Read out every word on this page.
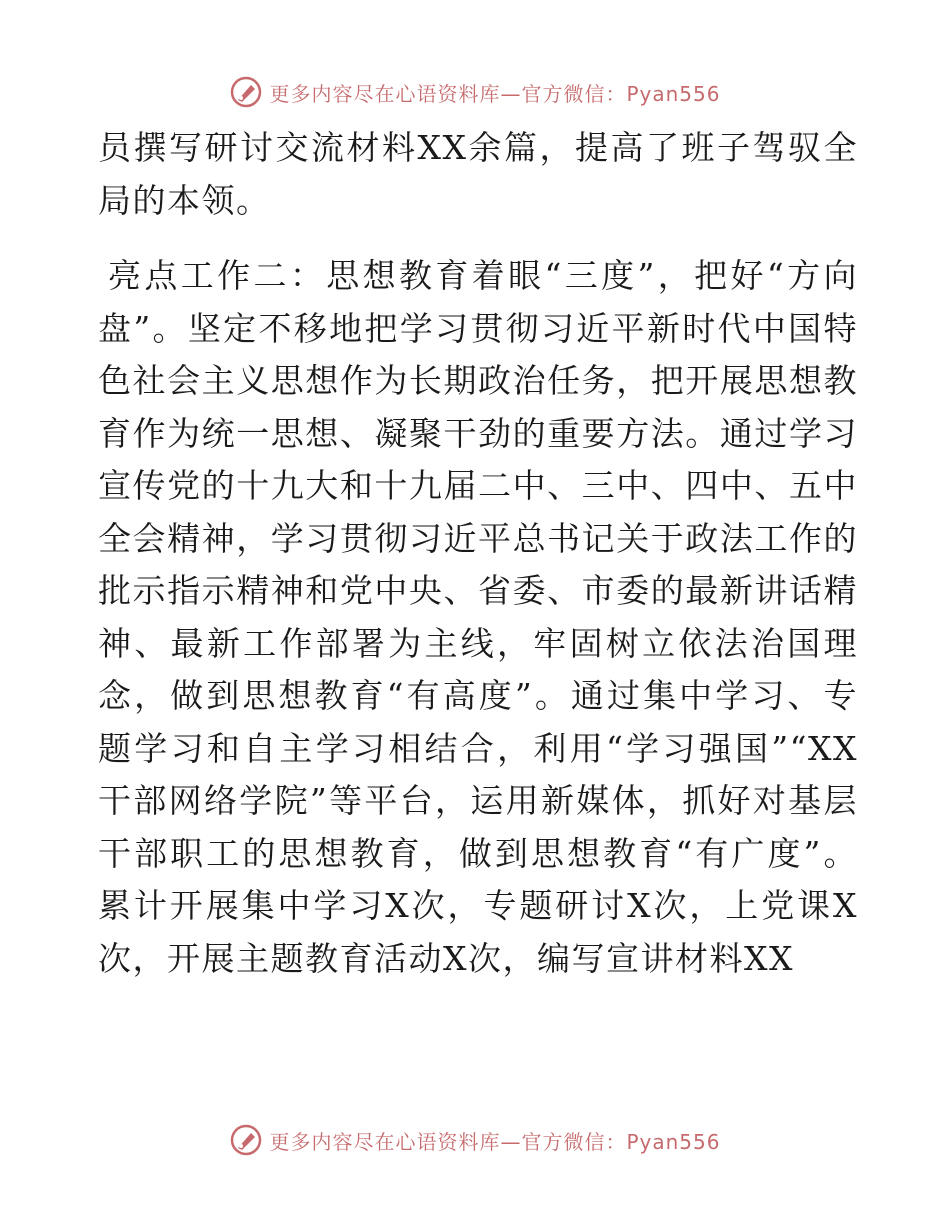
更多内容尽在心语资料库—官方微信：Pyan556

员撰写研讨交流材料XX余篇，提高了班子驾驭全局的本领。

亮点工作二：思想教育着眼“三度”，把好“方向盘”。坚定不移地把学习贯彻习近平新时代中国特色社会主义思想作为长期政治任务，把开展思想教育作为统一思想、凝聚干劲的重要方法。通过学习宣传党的十九大和十九届二中、三中、四中、五中全会精神，学习贯彻习近平总书记关于政法工作的批示指示精神和党中央、省委、市委的最新讲话精神、最新工作部署为主线，牢固树立依法治国理念，做到思想教育“有高度”。通过集中学习、专题学习和自主学习相结合，利用“学习强国”“XX干部网络学院”等平台，运用新媒体，抓好对基层干部职工的思想教育，做到思想教育“有广度”。累计开展集中学习X次，专题研讨X次，上党课X次，开展主题教育活动X次，编写宣讲材料XX

更多内容尽在心语资料库—官方微信：Pyan556
